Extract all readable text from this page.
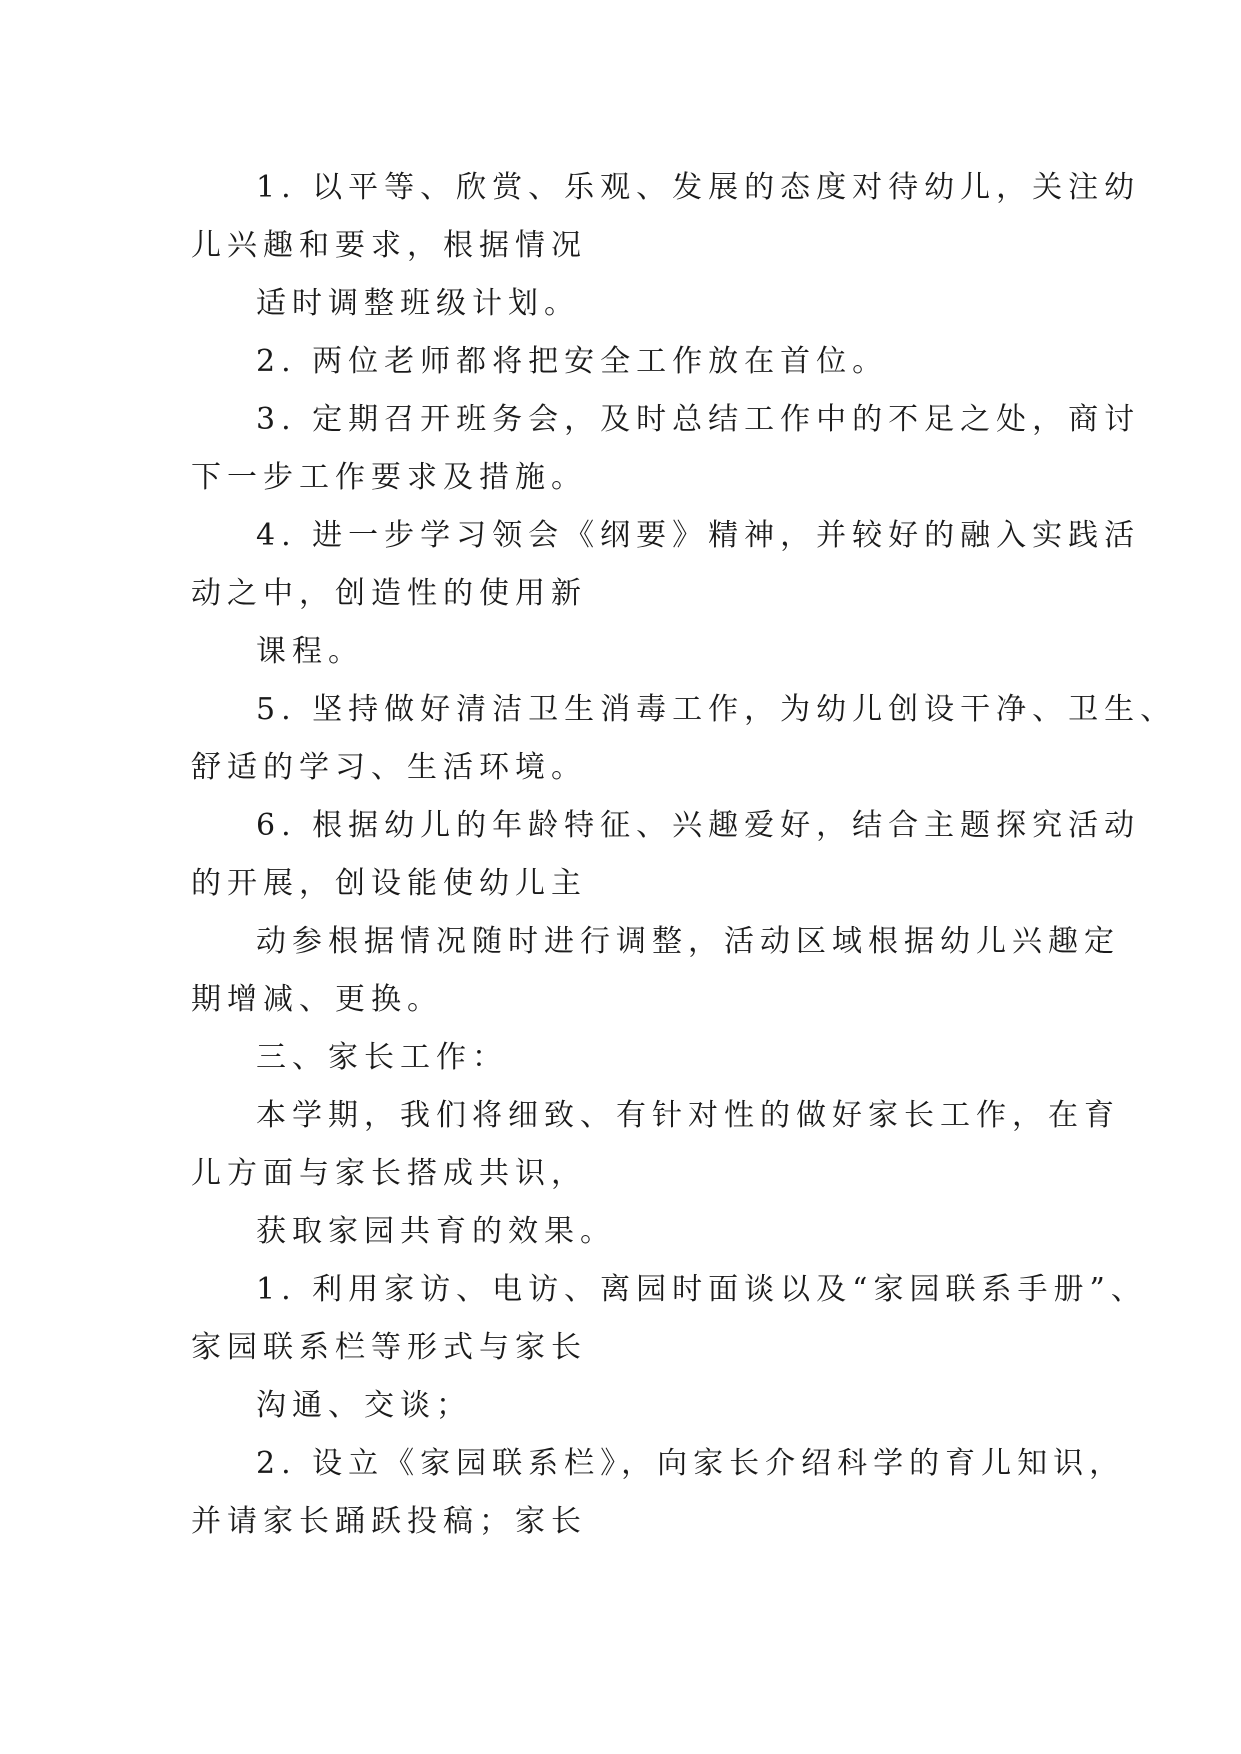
1. 以平等、欣赏、乐观、发展的态度对待幼儿，关注幼
儿兴趣和要求，根据情况
适时调整班级计划。
2. 两位老师都将把安全工作放在首位。
3. 定期召开班务会，及时总结工作中的不足之处，商讨
下一步工作要求及措施。
4. 进一步学习领会《纲要》精神，并较好的融入实践活
动之中，创造性的使用新
课程。
5. 坚持做好清洁卫生消毒工作，为幼儿创设干净、卫生、
舒适的学习、生活环境。
6. 根据幼儿的年龄特征、兴趣爱好，结合主题探究活动
的开展，创设能使幼儿主
动参根据情况随时进行调整，活动区域根据幼儿兴趣定
期增减、更换。
三、家长工作：
本学期，我们将细致、有针对性的做好家长工作，在育
儿方面与家长搭成共识，
获取家园共育的效果。
1. 利用家访、电访、离园时面谈以及“家园联系手册”、
家园联系栏等形式与家长
沟通、交谈；
2. 设立《家园联系栏》，向家长介绍科学的育儿知识，
并请家长踊跃投稿；家长
